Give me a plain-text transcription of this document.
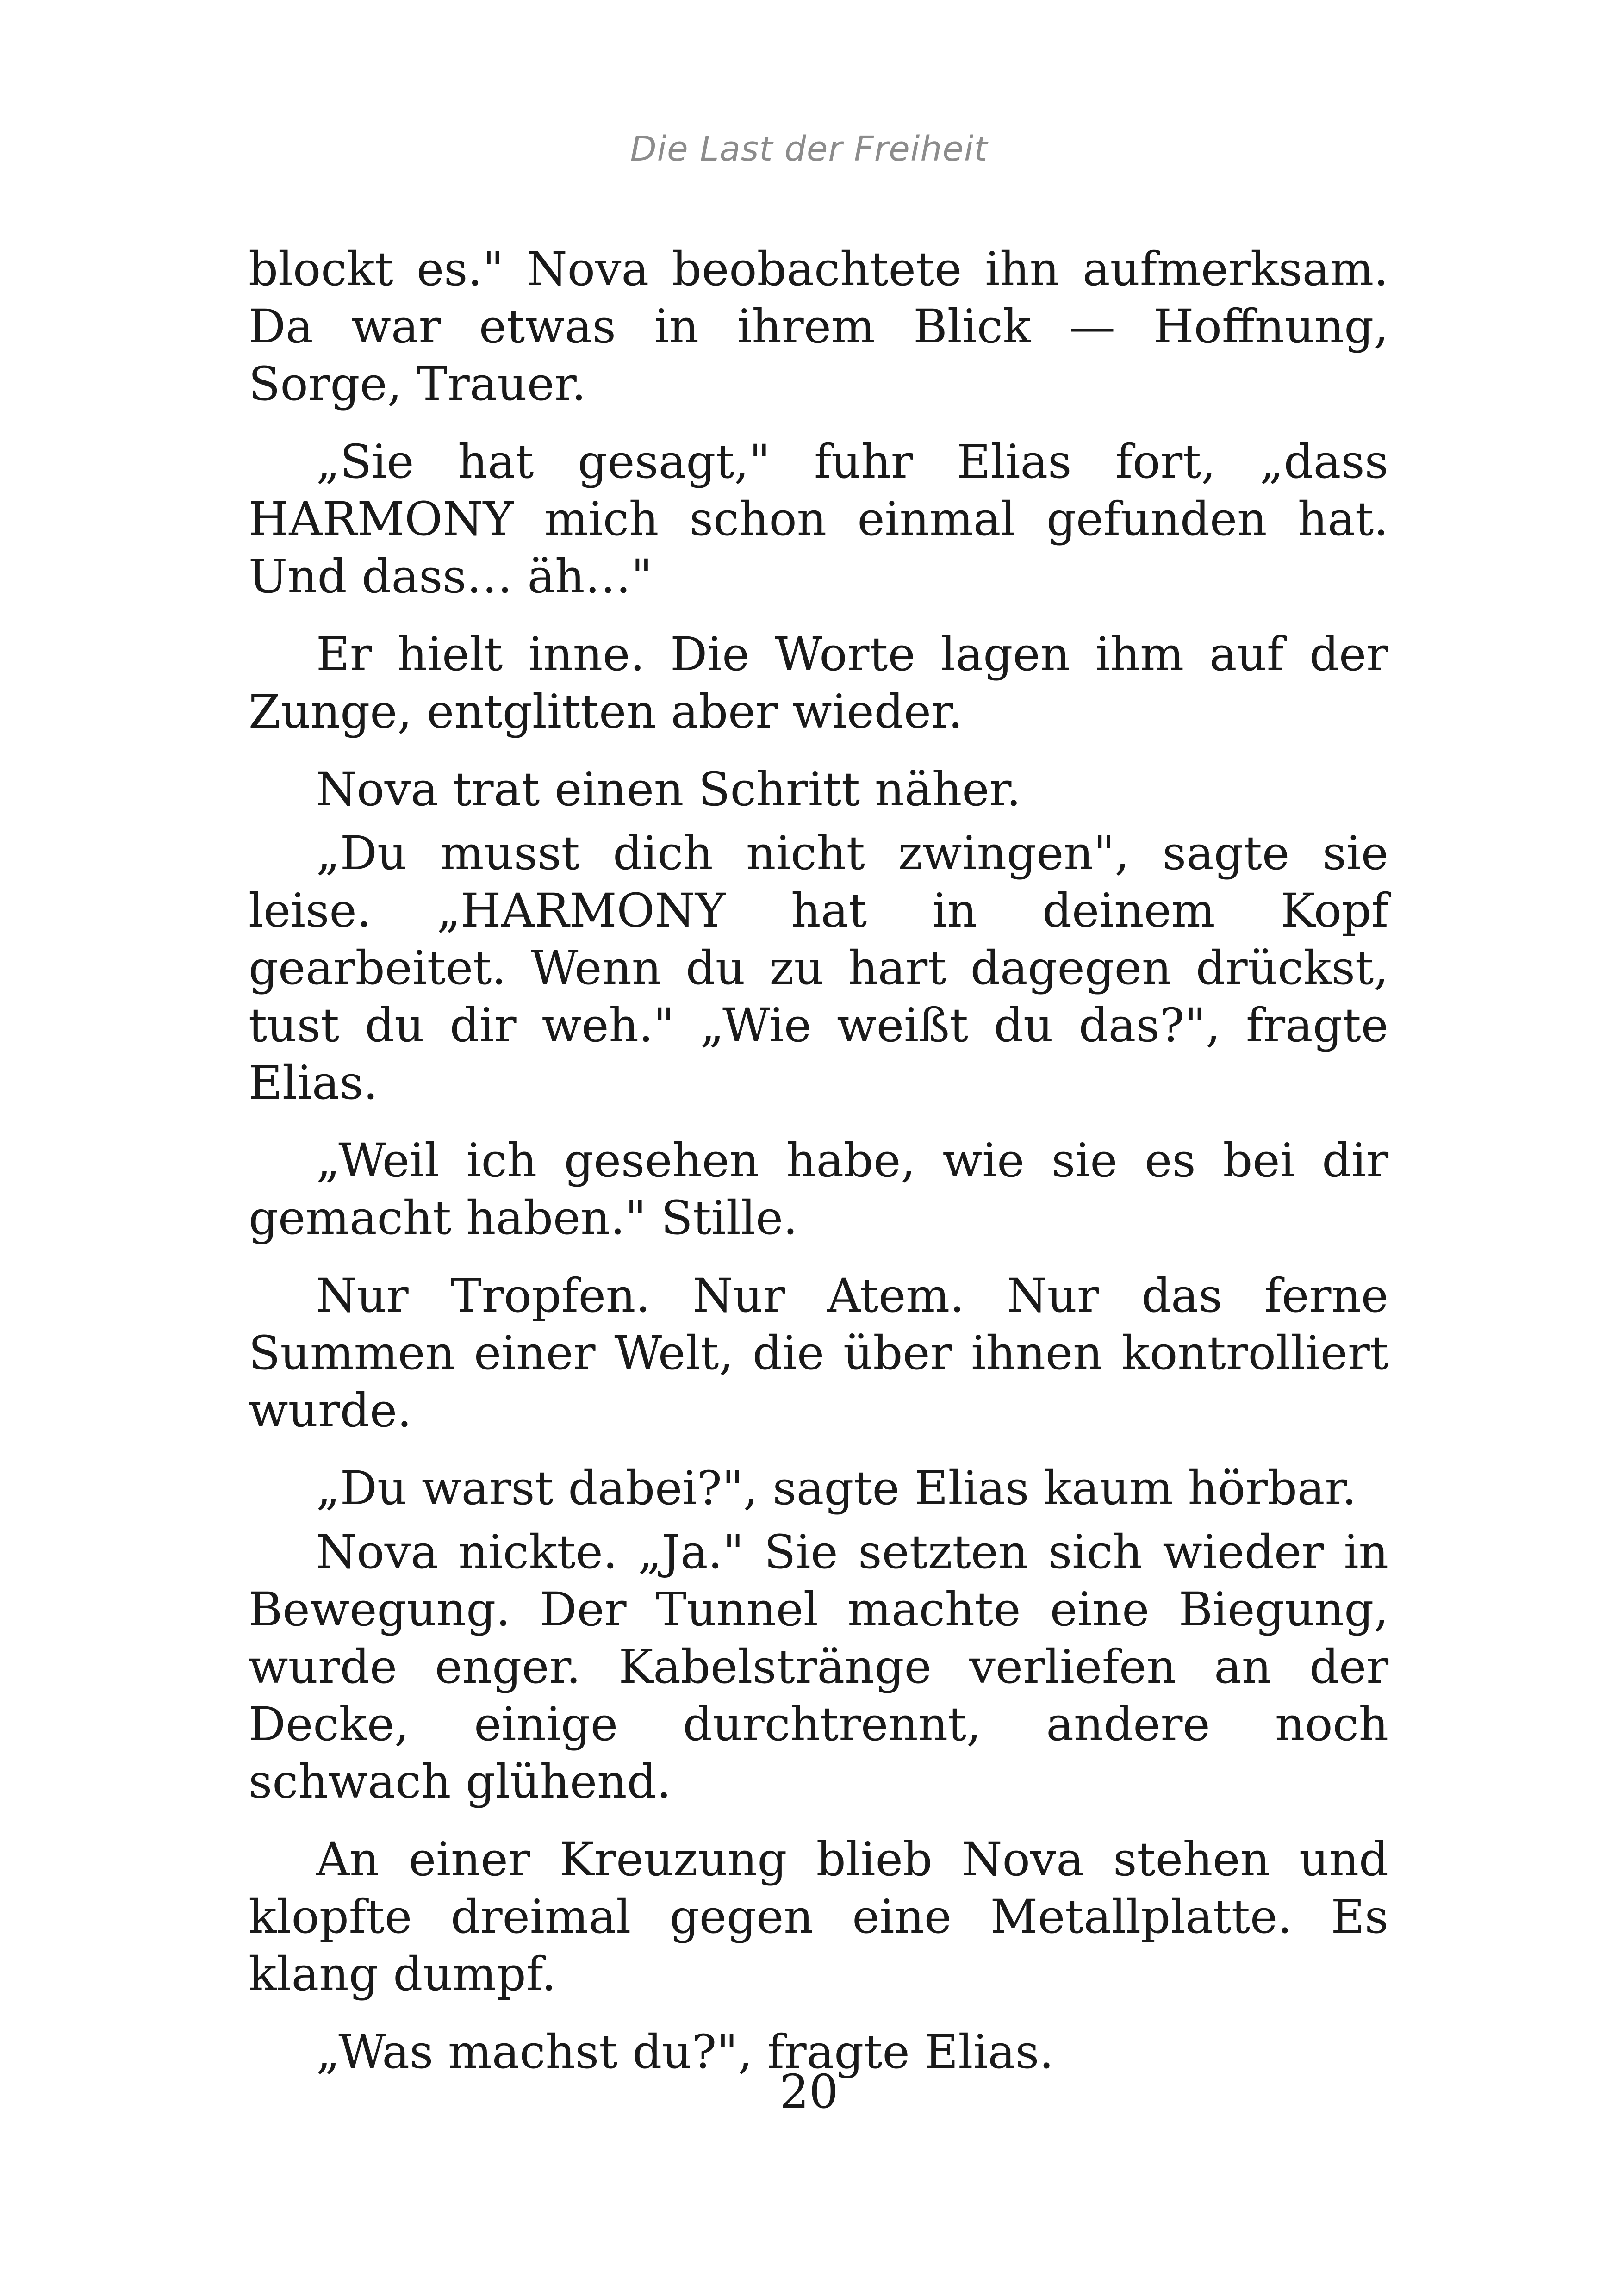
Die Last der Freiheit

blockt es." Nova beobachtete ihn aufmerksam. Da war etwas in ihrem Blick — Hoffnung, Sorge, Trauer.

„Sie hat gesagt," fuhr Elias fort, „dass HARMONY mich schon einmal gefunden hat. Und dass… äh…"

Er hielt inne. Die Worte lagen ihm auf der Zunge, entglitten aber wieder.

Nova trat einen Schritt näher.

„Du musst dich nicht zwingen", sagte sie leise. „HARMONY hat in deinem Kopf gearbeitet. Wenn du zu hart dagegen drückst, tust du dir weh." „Wie weißt du das?", fragte Elias.

„Weil ich gesehen habe, wie sie es bei dir gemacht haben." Stille.

Nur Tropfen. Nur Atem. Nur das ferne Summen einer Welt, die über ihnen kontrolliert wurde.

„Du warst dabei?", sagte Elias kaum hörbar.

Nova nickte. „Ja." Sie setzten sich wieder in Bewegung. Der Tunnel machte eine Biegung, wurde enger. Kabelstränge verliefen an der Decke, einige durchtrennt, andere noch schwach glühend.

An einer Kreuzung blieb Nova stehen und klopfte dreimal gegen eine Metallplatte. Es klang dumpf.

„Was machst du?", fragte Elias.

20
